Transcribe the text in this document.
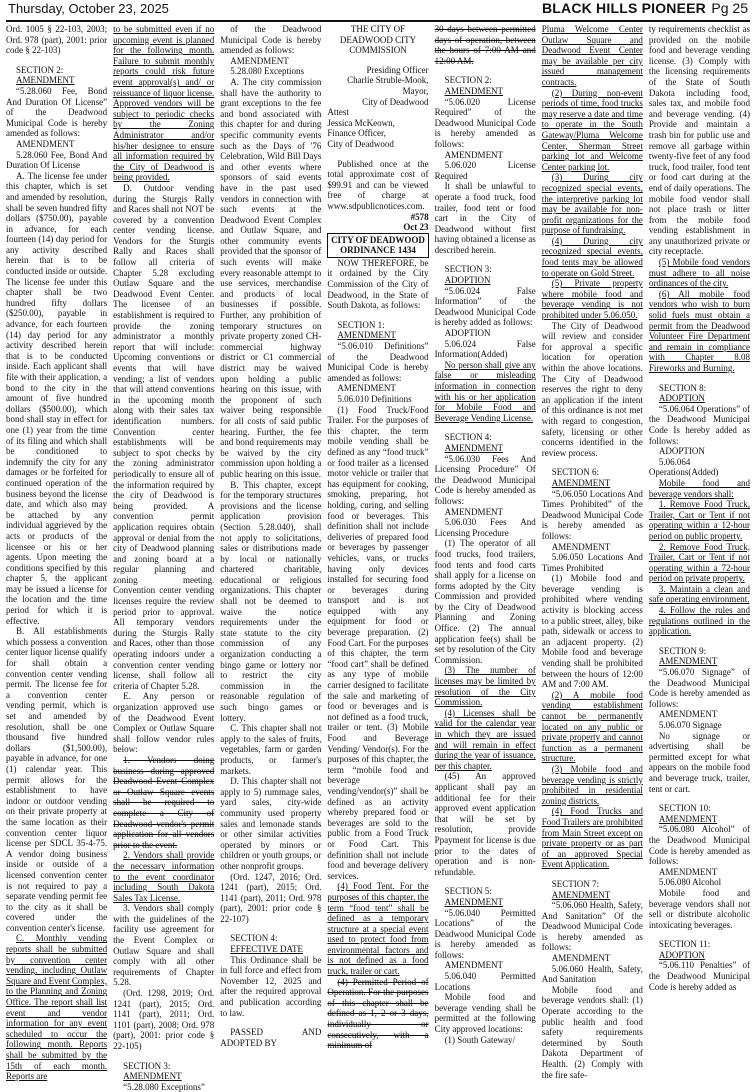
Thursday, October 23, 2025	BLACK HILLS PIONEER Pg 25

Ord. 1005 § 22-103, 2003; Ord. 978 (part), 2001: prior code § 22-103)

SECTION 2:

AMENDMENT

“5.28.060 Fee, Bond And Duration Of License” of the Deadwood Municipal Code is hereby amended as follows:

AMENDMENT

5.28.060 Fee, Bond And Duration Of License

A. The license fee under this chapter, which is set and amended by resolution, shall be seven hundred fifty dollars ($750.00), payable in advance, for each fourteen (14) day period for any activity described herein that is to be conducted inside or outside. The license fee under this chapter shall be two hundred fifty dollars ($250.00), payable in advance, for each fourteen (14) day period for any activity described herein that is to be conducted inside. Each applicant shall file with their application, a bond to the city in the amount of five hundred dollars ($500.00), which bond shall stay in effect for one (1) year from the time of its filing and which shall be conditioned to indemnify the city for any damages or be forfeited for continued operation of the business beyond the license date, and which also may be attached by any individual aggrieved by the acts or products of the licensee or his or her agents. Upon meeting the conditions specified by this chapter 5, the applicant may be issued a license for the location and the time period for which it is effective.

B. All establishments which possess a convention center liquor license qualify for shall obtain a convention center vending permit. The license fee for a convention center vending permit, which is set and amended by resolution, shall be one thousand five hundred dollars ($1,500.00), payable in advance, for one (1) calendar year. This permit allows for the establishment to have indoor or outdoor vending on their private property at the same location as their convention center liquor license per SDCL 35-4-75. A vendor doing business inside or outside of a licensed convention center is not required to pay a separate vending permit fee to the city as it shall be covered under the convention center's license.

C. Monthly vending reports shall be submitted by convention center vending, including Outlaw Square and Event Complex, to the Planning and Zoning Office. The report shall list event and vendor information for any event scheduled to occur the following month. Reports shall be submitted by the 15th of each month. Reports are

to be submitted even if no upcoming event is planned for the following month. Failure to submit monthly reports could risk future event approval(s) and/ or reissuance of liquor license. Approved vendors will be subject to periodic checks by the Zoning Administrator and/or his/her designee to ensure all information required by the City of Deadwood is being provided.

D. Outdoor vending during the Sturgis Rally and Races shall not NOT be covered by a convention center vending license. Vendors for the Sturgis Rally and Races shall follow all criteria of Chapter 5.28 excluding Outlaw Square and the Deadwood Event Center. The licensee of an establishment is required to provide the zoning administrator a monthly report that will include: Upcoming conventions or events that will have vending; a list of vendors that will attend conventions in the upcoming month along with their sales tax identification numbers. Convention center establishments will be subject to spot checks by the zoning administrator periodically to ensure all of the information required by the city of Deadwood is being provided. A convention permit application requires obtain approval or denial from the city of Deadwood planning and zoning board at a regular planning and zoning meeting. Convention center vending licenses require the review period prior to approval. All temporary vendors during the Sturgis Rally and Races, other than those operating indoors under a convention center vending license, shall follow all criteria of Chapter 5.28.

E. Any person or organization approved use of the Deadwood Event Complex or Outlaw Square shall follow vendor rules below:

1. Vendors doing business during approved Deadwood Event Complex or Outlaw Square events shall be required to complete a City of Deadwood vendor's permit application for all vendors prior to the event.

2. Vendors shall provide the necessary information to the event coordinator including South Dakota Sales Tax License.

3. Vendors shall comply with the guidelines of the facility use agreement for the Event Complex or Outlaw Square and shall comply with all other requirements of Chapter 5.28.

(Ord. 1298, 2019; Ord. 1241 (part), 2015; Ord. 1141 (part), 2011; Ord. 1101 (part), 2008; Ord. 978 (part), 2001: prior code § 22-105)

SECTION 3:

AMENDMENT

“5.28.080 Exceptions”

of the Deadwood Municipal Code is hereby amended as follows:

AMENDMENT

5.28.080 Exceptions

A. The city commission shall have the authority to grant exceptions to the fee and bond associated with this chapter for and during specific community events such as the Days of '76 Celebration, Wild Bill Days and other events where sponsors of said events have in the past used vendors in connection with such events at the Deadwood Event Complex and Outlaw Square, and other community events provided that the sponsor of such events will make every reasonable attempt to use services, merchandise and products of local businesses if possible. Further, any prohibition of temporary structures on private property zoned CH-commercial highway district or C1 commercial district may be waived upon holding a public hearing on this issue, with the proponent of such waiver being responsible for all costs of said public hearing. Further, the fee and bond requirements may be waived by the city commission upon holding a public hearing on this issue.

B. This chapter, except for the temporary structures provisions and the license application provision (Section 5.28.040), shall not apply to solicitations, sales or distributions made by local or nationally chartered charitable, educational or religious organizations. This chapter shall not be deemed to waive the notice requirements under the state statute to the city commission of any organization conducting a bingo game or lottery nor to restrict the city commission in the reasonable regulation of such bingo games or lottery.

C. This chapter shall not apply to the sales of fruits, vegetables, farm or garden products, or farmer's markets.

D. This chapter shall not apply to 5) rummage sales, yard sales, city-wide community used property sales and lemonade stands or other similar activities operated by minors or children or youth groups, or other nonprofit groups.

(Ord. 1247, 2016; Ord. 1241 (part), 2015; Ord. 1141 (part), 2011; Ord. 978 (part), 2001: prior code § 22-107)

SECTION 4:

EFFECTIVE DATE

This Ordinance shall be in full force and effect from November 12, 2025 and after the required approval and publication according to law.

PASSED AND ADOPTED BY

THE CITY OF DEADWOOD CITY COMMISSION

Presiding Officer

Charlie Struble-Mook,

Mayor,

City of Deadwood

Attest

Jessica McKeown,

Finance Officer,

City of Deadwood

Published once at the total approximate cost of $99.91 and can be viewed free of charge at www.sdpublicnotices.com.

#578

Oct 23

CITY OF DEADWOOD ORDINANCE 1434

NOW THEREFORE, be it ordained by the City Commission of the City of Deadwood, in the State of South Dakota, as follows:

SECTION 1:

AMENDMENT

“5.06.010 Definitions” of the Deadwood Municipal Code is hereby amended as follows:

AMENDMENT

5.06.010 Definitions

(1) Food Truck/Food Trailer. For the purposes of this chapter, the term mobile vending shall be defined as any “food truck” or food trailer as a licensed motor vehicle or trailer that has equipment for cooking, smoking, preparing, hot holding, curing, and selling food or beverages. This definition shall not include deliveries of prepared food or beverages by passenger vehicles, vans, or trucks having only devices installed for securing food or beverages during transport and is not equipped with any equipment for food or beverage preparation. (2) Food Cart. For the purposes of this chapter, the term “food cart” shall be defined as any type of mobile carrier designed to facilitate the sale and marketing of food or beverages and is not defined as a food truck, trailer or tent. (3) Mobile Food and Beverage Vending/ Vendor(s). For the purposes of this chapter, the term “mobile food and beverage vending/vendor(s)” shall be defined as an activity whereby prepared food or beverages are sold to the public from a Food Truck or Food Cart. This definition shall not include food and beverage delivery services.

(4) Food Tent. For the purposes of this chapter, the term “food tent” shall be defined as a temporary structure at a special event used to protect food from environmental factors and is not defined as a food truck, trailer or cart.

(4) Permitted Period of Operation. For the purposes of this chapter shall be defined as 1, 2 or 3 days, individually or consecutively, with a minimum of

30 days between permitted days of operation, between the hours of 7:00 AM and 12:00 AM.

SECTION 2:

AMENDMENT

“5.06.020 License Required” of the Deadwood Municipal Code is hereby amended as follows:

AMENDMENT

5.06.020 License Required

It shall be unlawful to operate a food truck, food trailer, food tent or food cart in the City of Deadwood without first having obtained a license as described herein.

SECTION 3:

ADOPTION

“5.06.024 False Information” of the Deadwood Municipal Code is hereby added as follows:

ADOPTION

5.06.024 False Information(Added)

No person shall give any false or misleading information in connection with his or her application for Mobile Food and Beverage Vending License.

SECTION 4:

AMENDMENT

“5.06.030 Fees And Licensing Procedure” Of the Deadwood Municipal Code is hereby amended as follows:

AMENDMENT

5.06.030 Fees And Licensing Procedure

(1) The operator of all food trucks, food trailers, food tents and food carts shall apply for a license on forms adopted by the City Commission and provided by the City of Deadwood Planning and Zoning Office. (2) The annual application fee(s) shall be set by resolution of the City Commission.

(3) The number of licenses may be limited by resolution of the City Commission.

(4) Licenses shall be valid for the calendar year in which they are issued and will remain in effect during the year of issuance, per this chapter.

(45) An approved applicant shall pay an additional fee for their approved event application that will be set by resolution, provide Ppayment for license is due prior to the dates of operation and is non-refundable.

SECTION 5:

AMENDMENT

“5.06.040 Permitted Locations” of the Deadwood Municipal Code is hereby amended as follows:

AMENDMENT

5.06.040 Permitted Locations

Mobile food and beverage vending shall be permitted at the following City approved locations:

(1) South Gateway/

Pluma Welcome Center Outlaw Square and Deadwood Event Center may be available per city issued management contracts.

(2) During non-event periods of time, food trucks may reserve a date and time to operate in the South Gateway/Pluma Welcome Center, Sherman Street parking lot and Welcome Center parking lot.

(3) During city recognized special events, the interpretive parking lot may be available for non-profit organizations for the purpose of fundraising.

(4) During city recognized special events, food tents may be allowed to operate on Gold Street.

(5) Private property where mobile food and beverage vending is not prohibited under 5.06.050.

The City of Deadwood will review and consider for approval a specific location for operation within the above locations. The City of Deadwood reserves the right to deny an application if the intent of this ordinance is not met with regard to congestion, safety, licensing or other concerns identified in the review process.

SECTION 6:

AMENDMENT

“5.06.050 Locations And Times Prohibited” of the Deadwood Municipal Code is hereby amended as follows:

AMENDMENT

5.06.050 Locations And Times Prohibited

(1) Mobile food and beverage vending is prohibited where vending activity is blocking access to a public street, alley, bike path, sidewalk or access to an adjacent property. (2) Mobile food and beverage vending shall be prohibited between the hours of 12:00 AM and 7:00 AM.

(2) A mobile food vending establishment cannot be permanently located on any public or private property and cannot function as a permanent structure.

(3) Mobile food and beverage vending is strictly prohibited in residential zoning districts.

(4) Food Trucks and Food Trailers are prohibited from Main Street except on private property or as part of an approved Special Event Application.

SECTION 7:

AMENDMENT

“5.06.060 Health, Safety, And Sanitation” Of the Deadwood Municipal Code is hereby amended as follows:

AMENDMENT

5.06.060 Health, Safety, And Sanitation

Mobile food and beverage vendors shall: (1) Operate according to the public health and food safety requirements determined by South Dakota Department of Health. (2) Comply with the fire safe-

ty requirements checklist as provided on the mobile food and beverage vending license. (3) Comply with the licensing requirements of the State of South Dakota including food, sales tax, and mobile food and beverage vending. (4) Provide and maintain a trash bin for public use and remove all garbage within twenty-five feet of any food truck, food trailer, food tent or food cart during at the end of daily operations. The mobile food vendor shall not place trash or litter from the mobile food vending establishment in any unauthorized private or city receptacle.

(5) Mobile food vendors must adhere to all noise ordinances of the city.

(6) All mobile food vendors who wish to burn solid fuels must obtain a permit from the Deadwood Volunteer Fire Department and remain in compliance with Chapter 8.08 Fireworks and Burning.

SECTION 8:

ADOPTION

“5.06.064 Operations” of the Deadwood Municipal Code Is hereby added as follows:

ADOPTION

5.06.064 Operations(Added)

Mobile food and beverage vendors shall:

1. Remove Food Truck, Trailer, Cart or Tent if not operating within a 12-hour period on public property.

2. Remove Food Truck, Trailer, Cart or Tent if not operating within a 72-hour period on private property.

3. Maintain a clean and safe operating environment.

4. Follow the rules and regulations outlined in the application.

SECTION 9:

AMENDMENT

“5.06.070 Signage” of the Deadwood Municipal Code is hereby amended as follows:

AMENDMENT

5.06.070 Signage

No signage or advertising shall be permitted except for what appears on the mobile food and beverage truck, trailer, tent or cart.

SECTION 10:

AMENDMENT

“5.06.080 Alcohol” of the Deadwood Municipal Code is hereby amended as follows:

AMENDMENT

5.06.080 Alcohol

Mobile food and beverage vendors shall not sell or distribute alcoholic intoxicating beverages.

SECTION 11:

ADOPTION

“5.06.110 Penalties” of the Deadwood Municipal Code is hereby added as
